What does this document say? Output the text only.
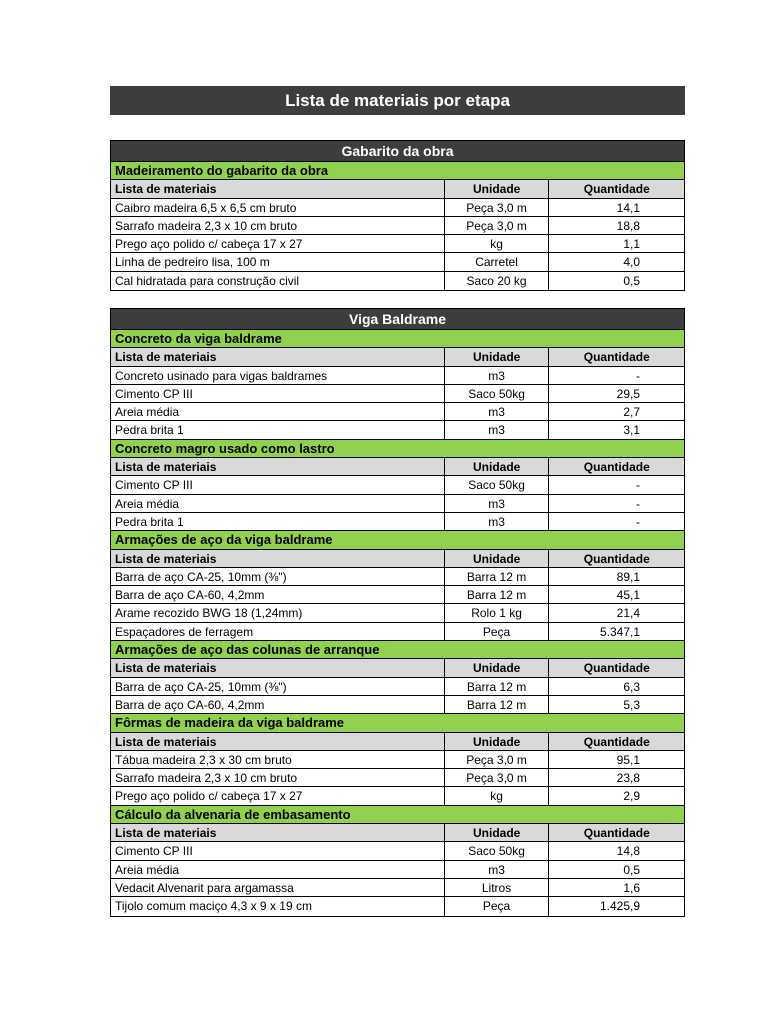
Lista de materiais por etapa
Gabarito da obra
Madeiramento do gabarito da obra
Lista de materiais	Unidade	Quantidade
Caibro madeira 6,5 x 6,5 cm bruto	Peça 3,0 m	14,1
Sarrafo madeira 2,3 x 10 cm bruto	Peça 3,0 m	18,8
Prego aço polido c/ cabeça 17 x 27	kg	1,1
Linha de pedreiro lisa, 100 m	Carretel	4,0
Cal hidratada para construção civil	Saco 20 kg	0,5
Viga Baldrame
Concreto da viga baldrame
Lista de materiais	Unidade	Quantidade
Concreto usinado para vigas baldrames	m3	-
Cimento CP III	Saco 50kg	29,5
Areia média	m3	2,7
Pedra brita 1	m3	3,1
Concreto magro usado como lastro
Lista de materiais	Unidade	Quantidade
Cimento CP III	Saco 50kg	-
Areia média	m3	-
Pedra brita 1	m3	-
Armações de aço da viga baldrame
Lista de materiais	Unidade	Quantidade
Barra de aço CA-25, 10mm (⅜")	Barra 12 m	89,1
Barra de aço CA-60, 4,2mm	Barra 12 m	45,1
Arame recozido BWG 18 (1,24mm)	Rolo 1 kg	21,4
Espaçadores de ferragem	Peça	5.347,1
Armações de aço das colunas de arranque
Lista de materiais	Unidade	Quantidade
Barra de aço CA-25, 10mm (⅜")	Barra 12 m	6,3
Barra de aço CA-60, 4,2mm	Barra 12 m	5,3
Fôrmas de madeira da viga baldrame
Lista de materiais	Unidade	Quantidade
Tábua madeira 2,3 x 30 cm bruto	Peça 3,0 m	95,1
Sarrafo madeira 2,3 x 10 cm bruto	Peça 3,0 m	23,8
Prego aço polido c/ cabeça 17 x 27	kg	2,9
Cálculo da alvenaria de embasamento
Lista de materiais	Unidade	Quantidade
Cimento CP III	Saco 50kg	14,8
Areia média	m3	0,5
Vedacit Alvenarit para argamassa	Litros	1,6
Tijolo comum maciço 4,3 x 9 x 19 cm	Peça	1.425,9
